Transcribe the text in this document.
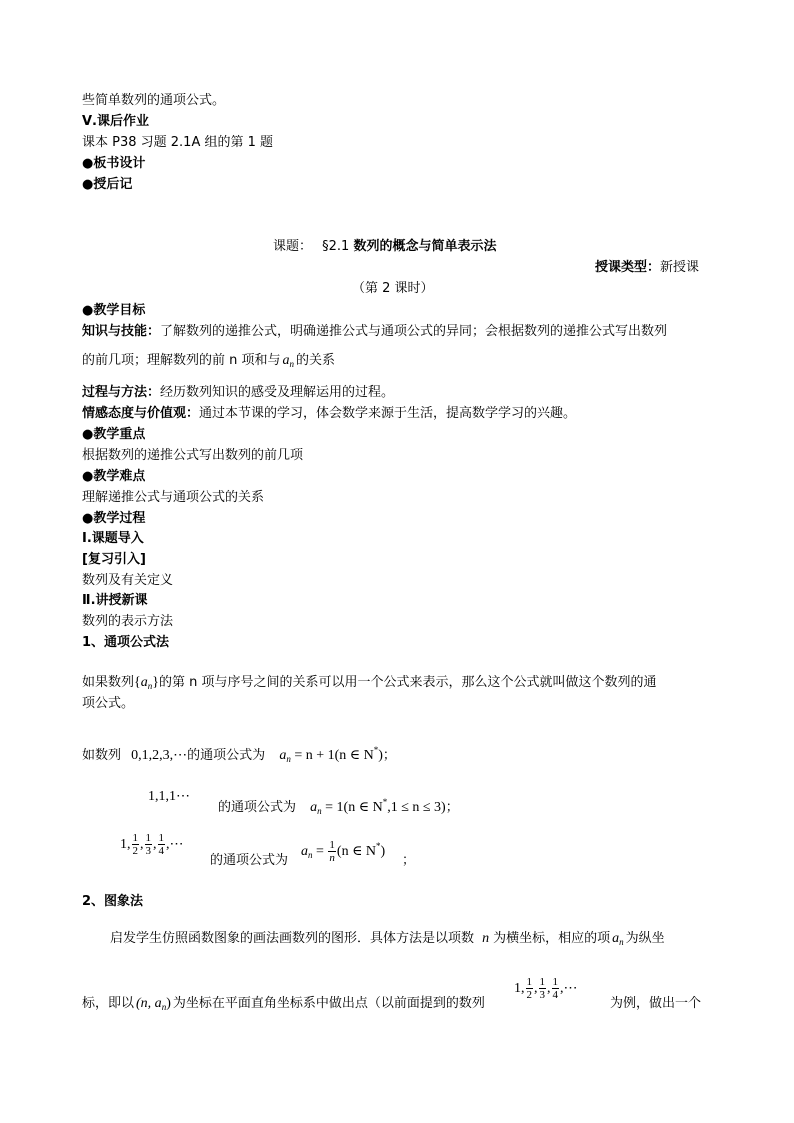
些简单数列的通项公式。
Ⅴ.课后作业
课本 P38 习题 2.1A 组的第 1 题
●板书设计
●授后记
课题： §2.1 数列的概念与简单表示法
授课类型：新授课
（第 2 课时）
●教学目标
知识与技能：了解数列的递推公式，明确递推公式与通项公式的异同；会根据数列的递推公式写出数列
的前几项；理解数列的前 n 项和与 $a_n$ 的关系
过程与方法：经历数列知识的感受及理解运用的过程。
情感态度与价值观：通过本节课的学习，体会数学来源于生活，提高数学学习的兴趣。
●教学重点
根据数列的递推公式写出数列的前几项
●教学难点
理解递推公式与通项公式的关系
●教学过程
Ⅰ.课题导入
[复习引入]
数列及有关定义
Ⅱ.讲授新课
数列的表示方法
1、通项公式法
如果数列$\{a_n\}$的第 n 项与序号之间的关系可以用一个公式来表示，那么这个公式就叫做这个数列的通
项公式。
如数列 0,1,2,3,⋯的通项公式为 $a_n = n + 1(n$ ∈ N*)；
1,1,1⋯
的通项公式为 $a_n = 1(n$ ∈ N*,1 ≤ n ≤ 3)；
1, $\frac{1}{2}$ , $\frac{1}{3}$ , $\frac{1}{4}$ ,⋯
的通项公式为
$a_n = \frac{1}{n} (n$ ∈ N*)
；
2、图象法
启发学生仿照函数图象的画法画数列的图形．具体方法是以项数 n 为横坐标，相应的项 $a_n$ 为纵坐
标，即以 (n, $a_n$) 为坐标在平面直角坐标系中做出点（以前面提到的数列
1, $\frac{1}{2}$ , $\frac{1}{3}$ , $\frac{1}{4}$ ,⋯
为例，做出一个
